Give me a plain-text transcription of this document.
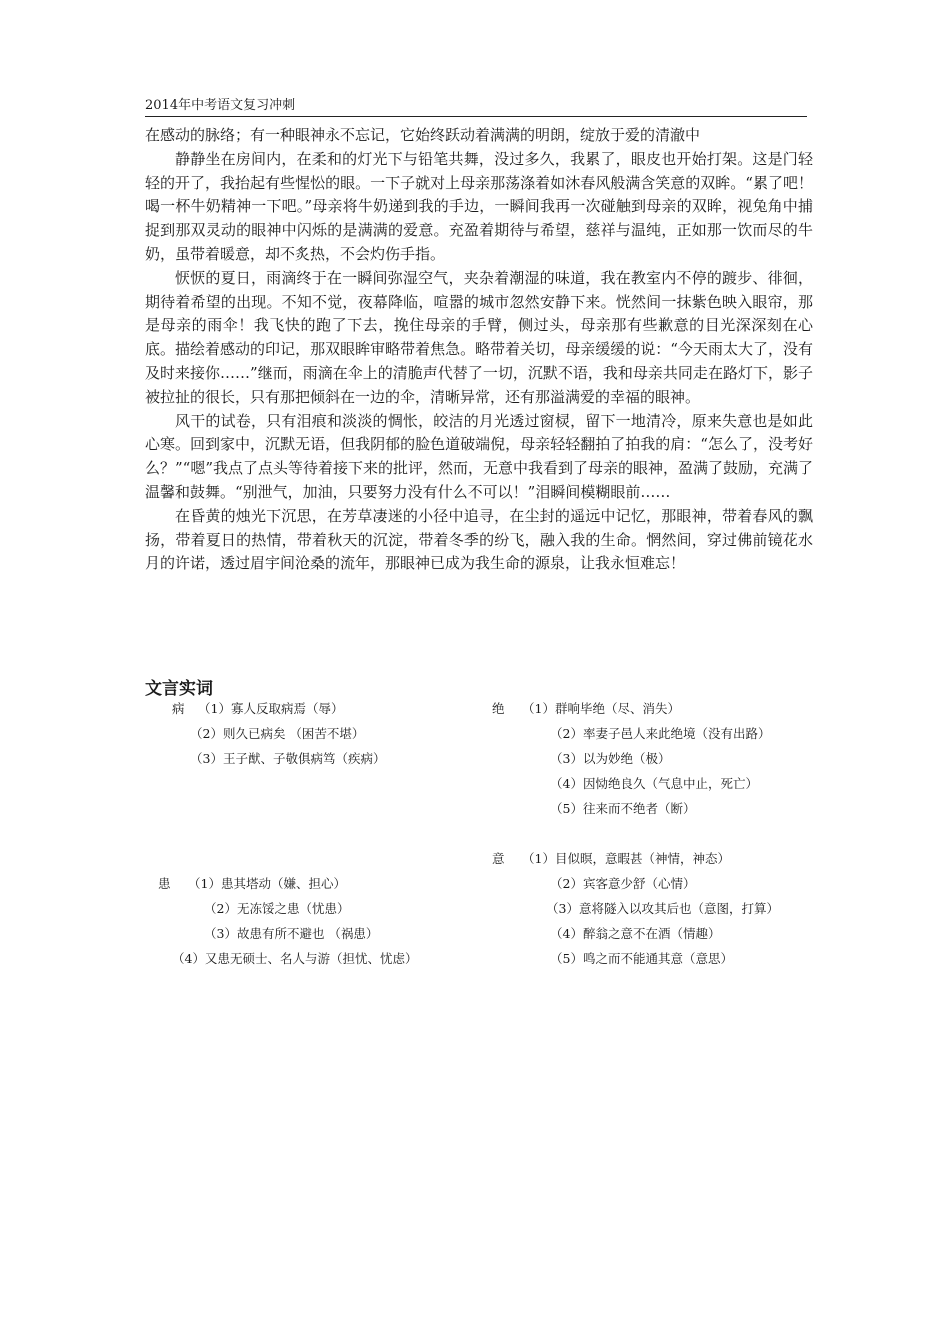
2014年中考语文复习冲刺

在感动的脉络；有一种眼神永不忘记，它始终跃动着满满的明朗，绽放于爱的清澈中

静静坐在房间内，在柔和的灯光下与铅笔共舞，没过多久，我累了，眼皮也开始打架。这是门轻轻的开了，我抬起有些惺忪的眼。一下子就对上母亲那荡涤着如沐春风般满含笑意的双眸。“累了吧！喝一杯牛奶精神一下吧。”母亲将牛奶递到我的手边，一瞬间我再一次碰触到母亲的双眸，视兔角中捕捉到那双灵动的眼神中闪烁的是满满的爱意。充盈着期待与希望，慈祥与温纯，正如那一饮而尽的牛奶，虽带着暖意，却不炙热，不会灼伤手指。

恹恹的夏日，雨滴终于在一瞬间弥湿空气，夹杂着潮湿的味道，我在教室内不停的踱步、徘徊，期待着希望的出现。不知不觉，夜幕降临，喧嚣的城市忽然安静下来。恍然间一抹紫色映入眼帘，那是母亲的雨伞！我飞快的跑了下去，挽住母亲的手臂，侧过头，母亲那有些歉意的目光深深刻在心底。描绘着感动的印记，那双眼眸审略带着焦急。略带着关切，母亲缓缓的说：“今天雨太大了，没有及时来接你……”继而，雨滴在伞上的清脆声代替了一切，沉默不语，我和母亲共同走在路灯下，影子被拉扯的很长，只有那把倾斜在一边的伞，清晰异常，还有那溢满爱的幸福的眼神。

风干的试卷，只有泪痕和淡淡的惆怅，皎洁的月光透过窗棂，留下一地清冷，原来失意也是如此心寒。回到家中，沉默无语，但我阴郁的脸色道破端倪，母亲轻轻翻拍了拍我的肩：“怎么了，没考好么？”“嗯”我点了点头等待着接下来的批评，然而，无意中我看到了母亲的眼神，盈满了鼓励，充满了温馨和鼓舞。“别泄气，加油，只要努力没有什么不可以！”泪瞬间模糊眼前……

在昏黄的烛光下沉思，在芳草凄迷的小径中追寻，在尘封的遥远中记忆，那眼神，带着春风的飘扬，带着夏日的热情，带着秋天的沉淀，带着冬季的纷飞，融入我的生命。惘然间，穿过佛前镜花水月的许诺，透过眉宇间沧桑的流年，那眼神已成为我生命的源泉，让我永恒难忘！

文言实词
病 （1）寡人反取病焉（辱）
（2）则久已病矣 （困苦不堪）
（3）王子猷、子敬俱病笃（疾病）
绝 （1）群响毕绝（尽、消失）
（2）率妻子邑人来此绝境（没有出路）
（3）以为妙绝（极）
（4）因恸绝良久（气息中止，死亡）
（5）往来而不绝者（断）
意 （1）目似暝，意暇甚（神情，神态）
（2）宾客意少舒（心情）
（3）意将隧入以攻其后也（意图，打算）
（4）醉翁之意不在酒（情趣）
（5）鸣之而不能通其意（意思）
患 （1）患其塔动（嫌、担心）
（2）无冻馁之患（忧患）
（3）故患有所不避也 （祸患）
（4）又患无硕士、名人与游（担忧、忧虑）
